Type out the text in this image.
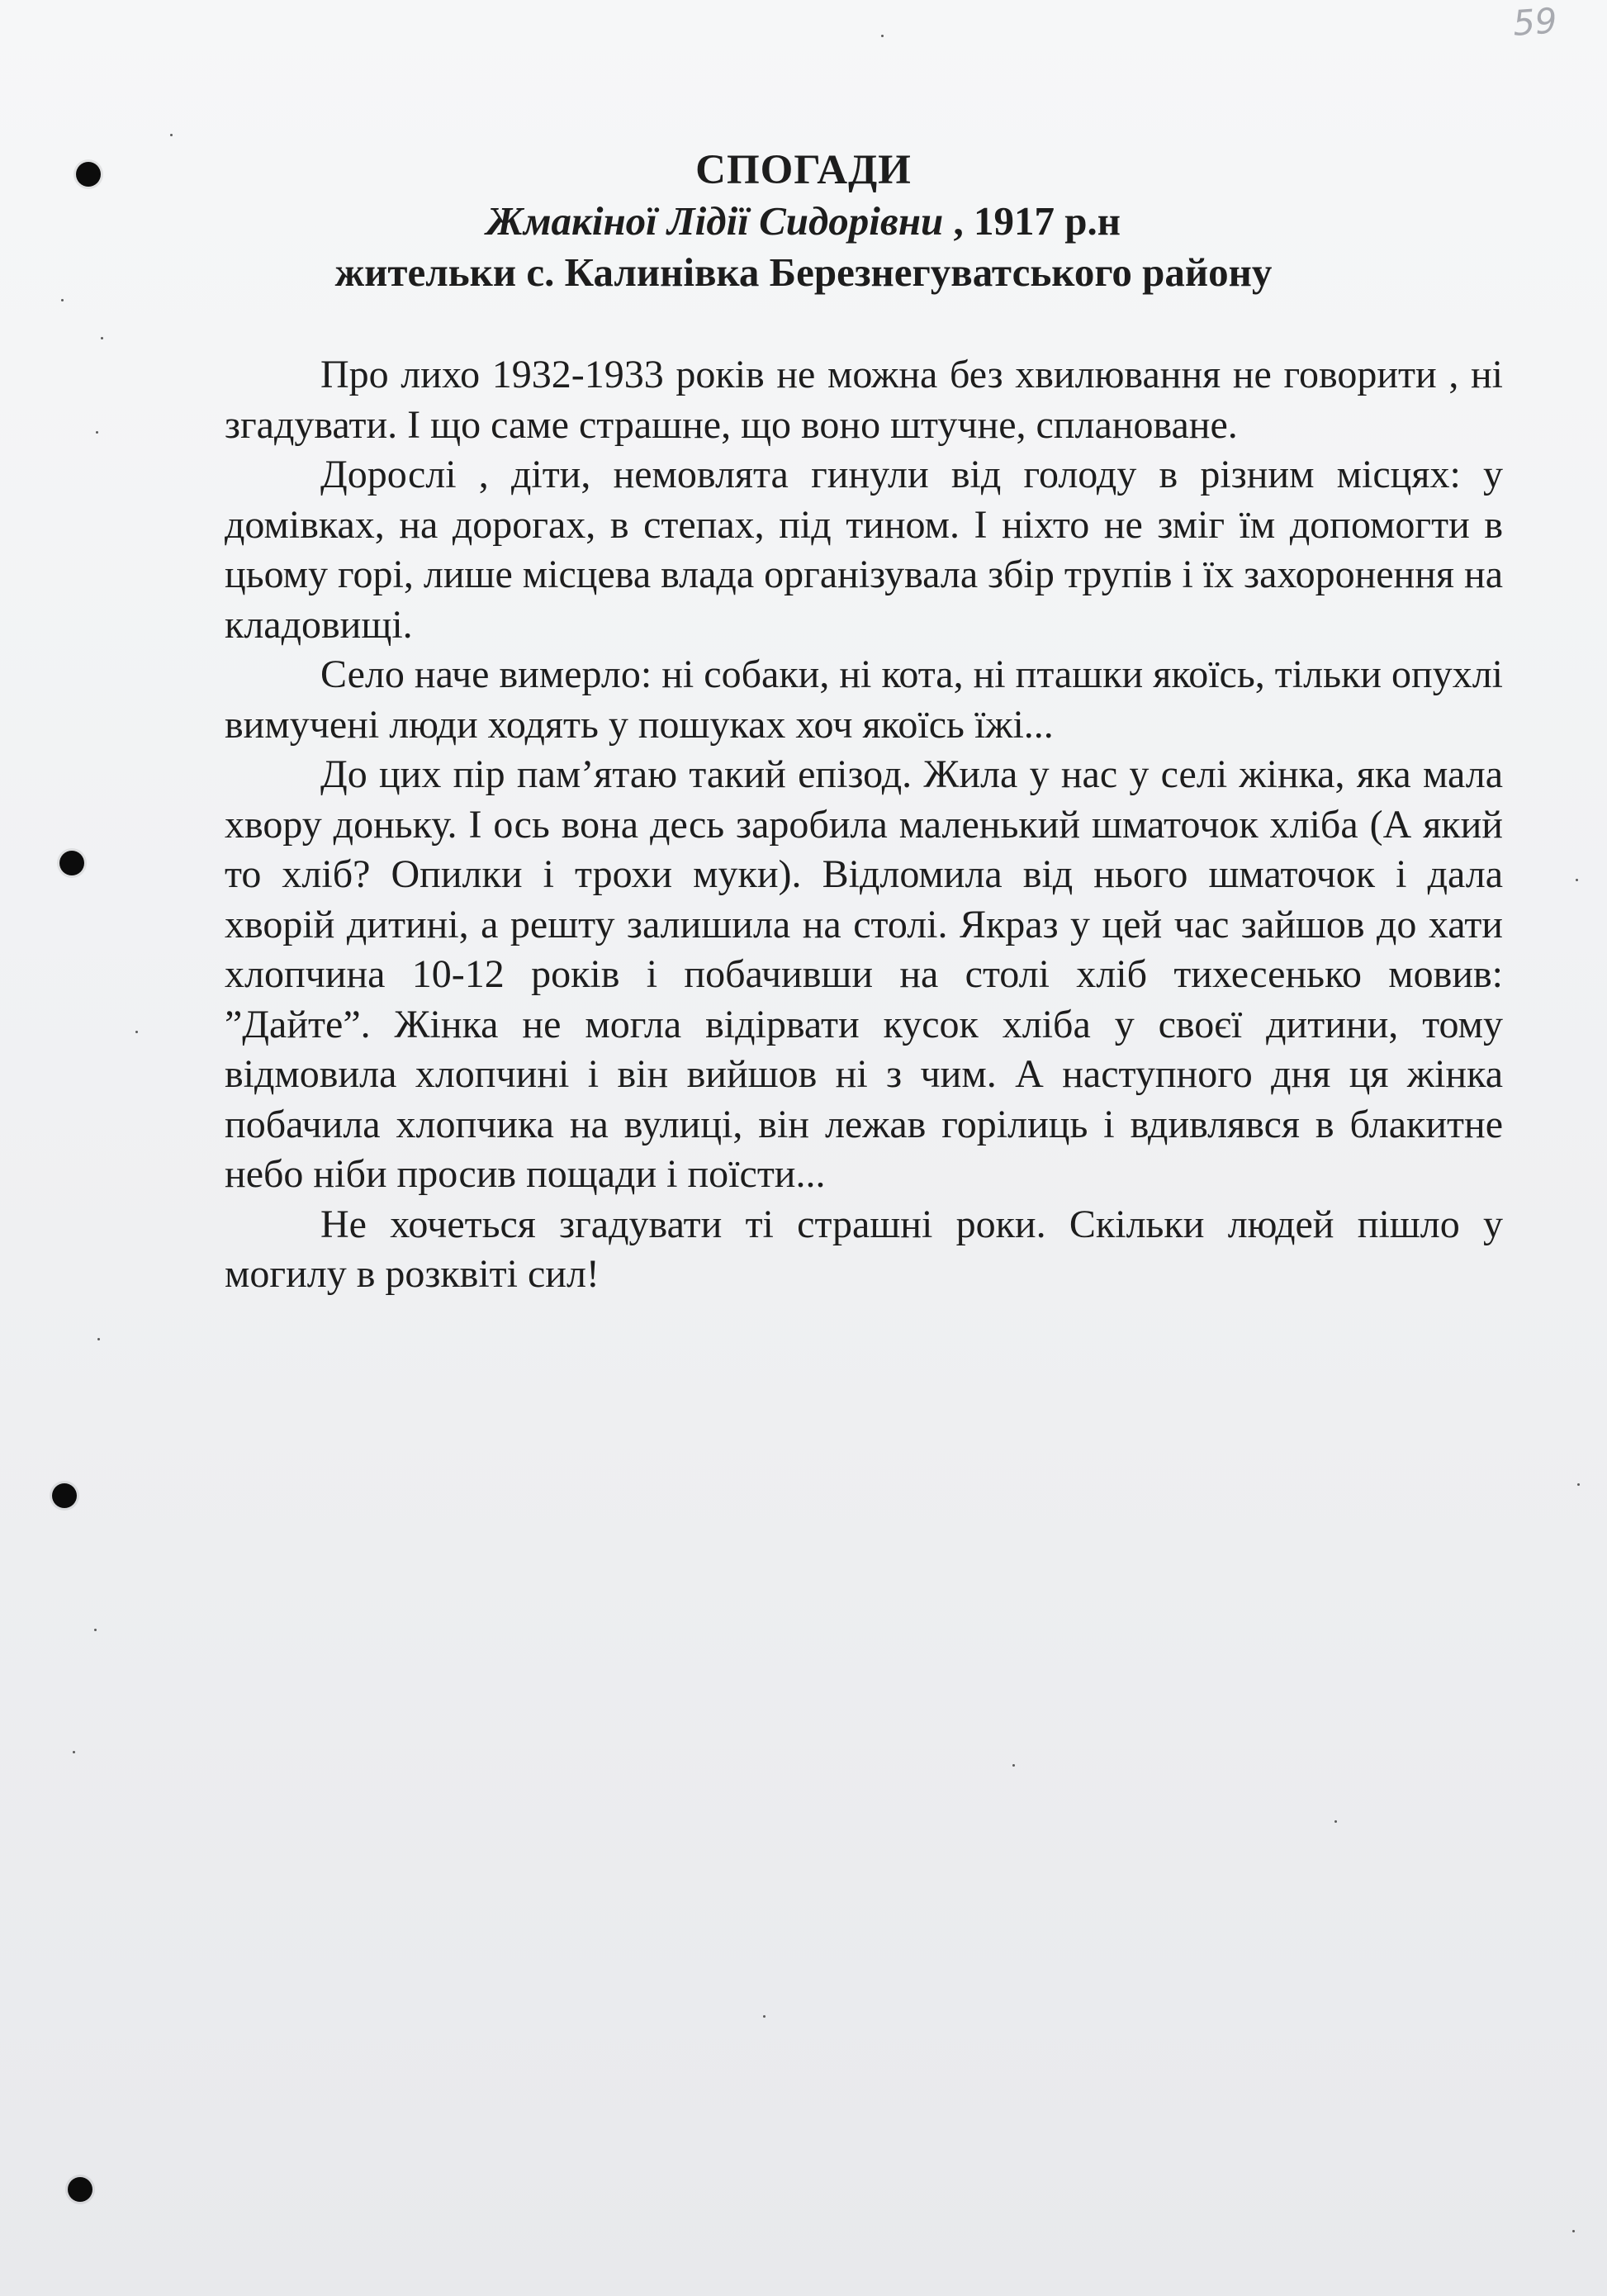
59
СПОГАДИ
Жмакіної Лідії Сидорівни , 1917 р.н
жительки с. Калинівка Березнегуватського району

Про лихо 1932-1933 років не можна без хвилювання не говорити , ні згадувати. І що саме страшне, що воно штучне, сплановане.

Дорослі , діти, немовлята гинули від голоду в різним місцях: у домівках, на дорогах, в степах, під тином. І ніхто не зміг їм допомогти в цьому горі, лише місцева влада організувала збір трупів і їх захоронення на кладовищі.

Село наче вимерло: ні собаки, ні кота, ні пташки якоїсь, тільки опухлі вимучені люди ходять у пошуках хоч якоїсь їжі...

До цих пір пам’ятаю такий епізод. Жила у нас у селі жінка, яка мала хвору доньку. І ось вона десь заробила маленький шматочок хліба (А який то хліб? Опилки і трохи муки). Відломила від нього шматочок і дала хворій дитині, а решту залишила на столі. Якраз у цей час зайшов до хати хлопчина 10-12 років і побачивши на столі хліб тихесенько мовив: ”Дайте”. Жінка не могла відірвати кусок хліба у своєї дитини, тому відмовила хлопчині і він вийшов ні з чим. А наступного дня ця жінка побачила хлопчика на вулиці, він лежав горілиць і вдивлявся в блакитне небо ніби просив пощади і поїсти...

Не хочеться згадувати ті страшні роки. Скільки людей пішло у могилу в розквіті сил!
